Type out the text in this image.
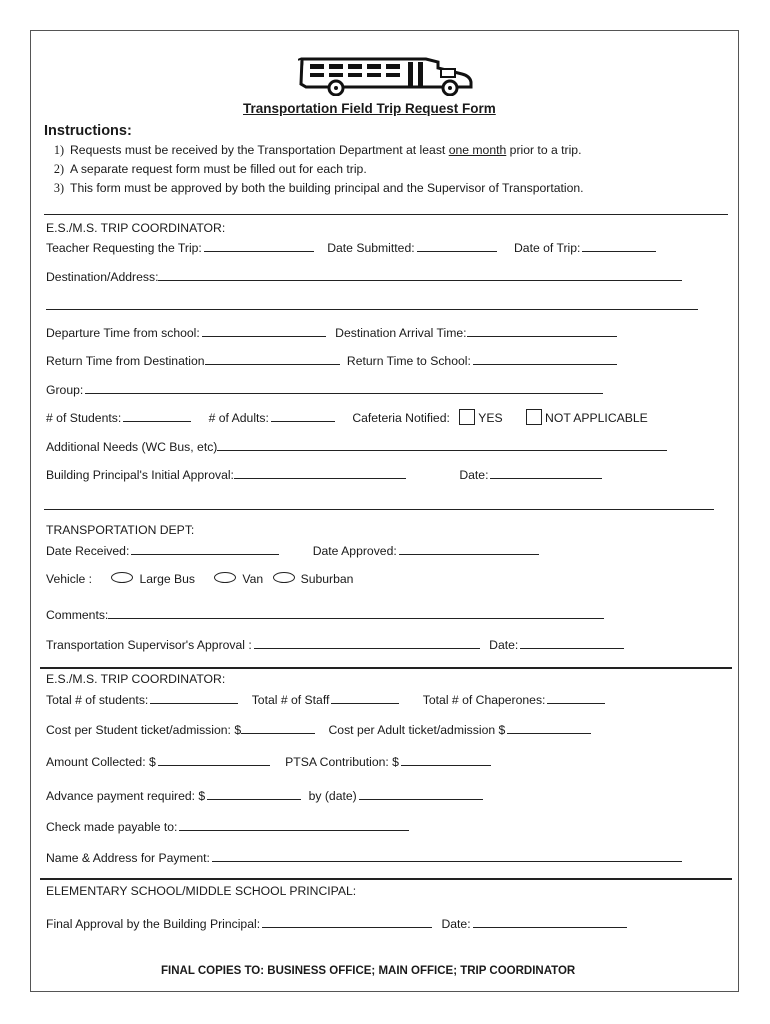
Transportation Field Trip Request Form
Instructions:
1) Requests must be received by the Transportation Department at least one month prior to a trip.
2) A separate request form must be filled out for each trip.
3) This form must be approved by both the building principal and the Supervisor of Transportation.
E.S./M.S. TRIP COORDINATOR:
Teacher Requesting the Trip:	Date Submitted:	Date of Trip:
Destination/Address:
Departure Time from school:	Destination Arrival Time:
Return Time from Destination	Return Time to School:
Group:
# of Students:	# of Adults:	Cafeteria Notified: YES	NOT APPLICABLE
Additional Needs (WC Bus, etc)
Building Principal's Initial Approval:	Date:
TRANSPORTATION DEPT:
Date Received:	Date Approved:
Vehicle :	Large Bus	Van	Suburban
Comments:
Transportation Supervisor's Approval :	Date:
E.S./M.S. TRIP COORDINATOR:
Total # of students:	Total # of Staff	Total # of Chaperones:
Cost per Student ticket/admission: $	Cost per Adult ticket/admission $
Amount Collected: $	PTSA Contribution: $
Advance payment required: $	by (date)
Check made payable to:
Name & Address for Payment:
ELEMENTARY SCHOOL/MIDDLE SCHOOL PRINCIPAL:
Final Approval by the Building Principal:	Date:
FINAL COPIES TO: BUSINESS OFFICE; MAIN OFFICE; TRIP COORDINATOR
